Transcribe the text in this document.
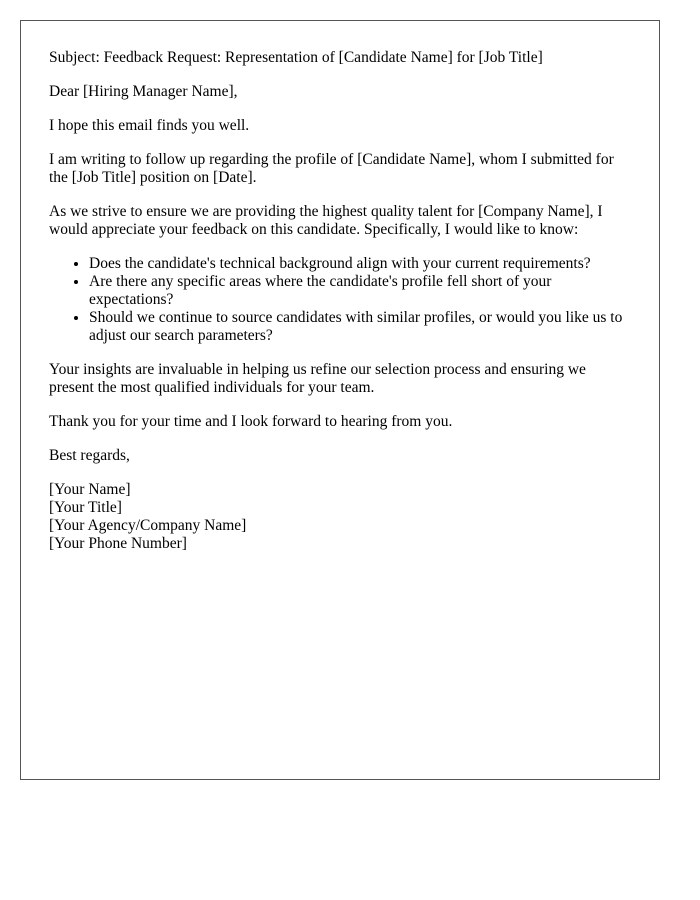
Subject: Feedback Request: Representation of [Candidate Name] for [Job Title]

Dear [Hiring Manager Name],

I hope this email finds you well.

I am writing to follow up regarding the profile of [Candidate Name], whom I submitted for the [Job Title] position on [Date].

As we strive to ensure we are providing the highest quality talent for [Company Name], I would appreciate your feedback on this candidate. Specifically, I would like to know:

• Does the candidate's technical background align with your current requirements?
• Are there any specific areas where the candidate's profile fell short of your expectations?
• Should we continue to source candidates with similar profiles, or would you like us to adjust our search parameters?

Your insights are invaluable in helping us refine our selection process and ensuring we present the most qualified individuals for your team.

Thank you for your time and I look forward to hearing from you.

Best regards,

[Your Name]
[Your Title]
[Your Agency/Company Name]
[Your Phone Number]
